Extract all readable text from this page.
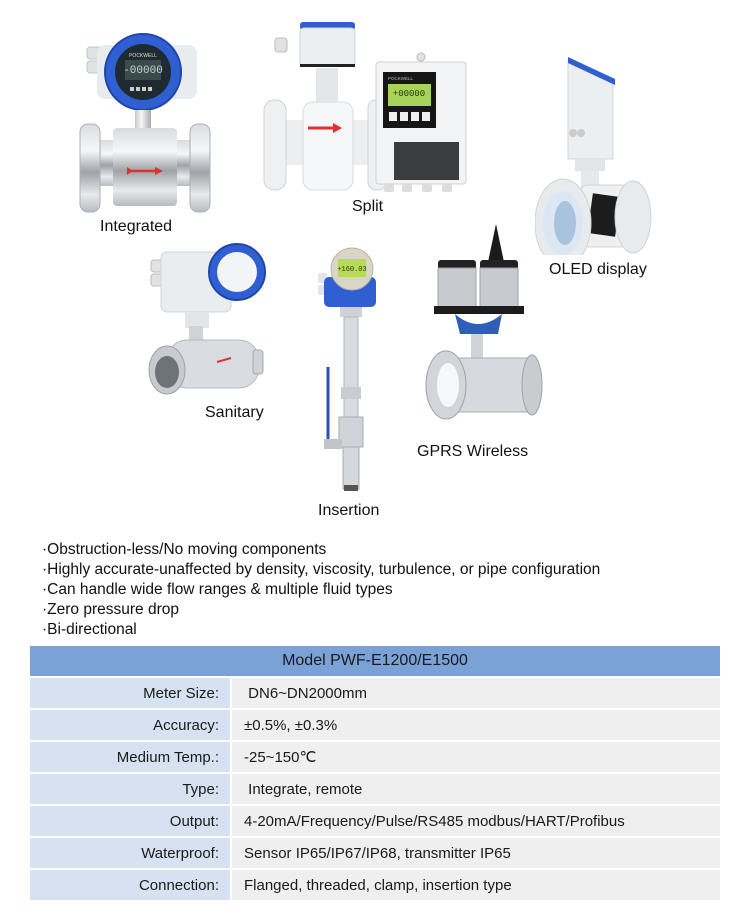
POCKWELL
-00000
Integrated
POCKWELL
+00000
Split
OLED display
Sanitary
+160.03
Insertion
GPRS Wireless
·Obstruction-less/No moving components
·Highly accurate-unaffected by density, viscosity, turbulence, or pipe configuration
·Can handle wide flow ranges & multiple fluid types
·Zero pressure drop
·Bi-directional
Model PWF-E1200/E1500
Meter Size:	DN6~DN2000mm
Accuracy:	±0.5%, ±0.3%
Medium Temp.:	-25~150℃
Type:	Integrate, remote
Output:	4-20mA/Frequency/Pulse/RS485 modbus/HART/Profibus
Waterproof:	Sensor IP65/IP67/IP68, transmitter IP65
Connection:	Flanged, threaded, clamp, insertion type
